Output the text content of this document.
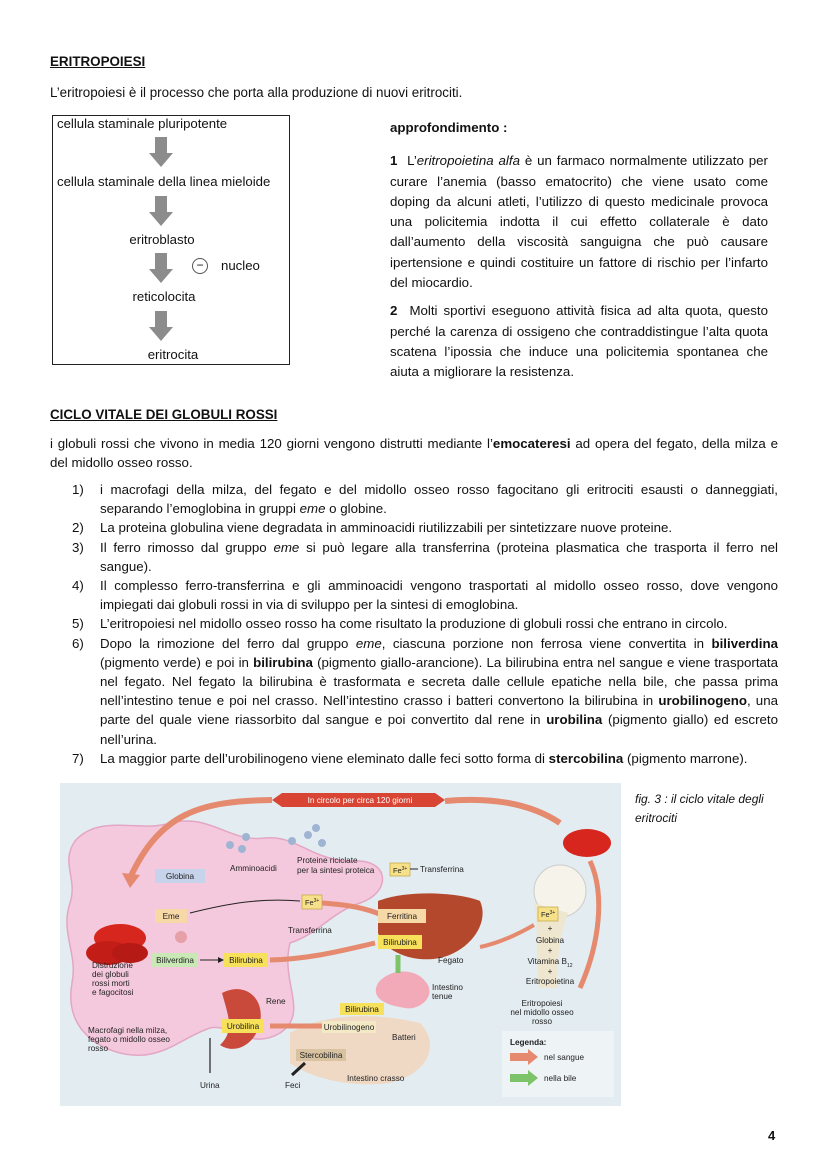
ERITROPOIESI
L’eritropoiesi è il processo che porta alla produzione di nuovi eritrociti.
cellula staminale pluripotente
cellula staminale della linea mieloide
eritroblasto
−	nucleo
reticolocita
eritrocita

approfondimento :

1 L’eritropoietina alfa è un farmaco normalmente utilizzato per curare l’anemia (basso ematocrito) che viene usato come doping da alcuni atleti, l’utilizzo di questo medicinale provoca una policitemia indotta il cui effetto collaterale è dato dall’aumento della viscosità sanguigna che può causare ipertensione e quindi costituire un fattore di rischio per l’infarto del miocardio.

2 Molti sportivi eseguono attività fisica ad alta quota, questo perché la carenza di ossigeno che contraddistingue l’alta quota scatena l’ipossia che induce una policitemia spontanea che aiuta a migliorare la resistenza.

CICLO VITALE DEI GLOBULI ROSSI
i globuli rossi che vivono in media 120 giorni vengono distrutti mediante l’emocateresi ad opera del fegato, della milza e del midollo osseo rosso.
1) i macrofagi della milza, del fegato e del midollo osseo rosso fagocitano gli eritrociti esausti o danneggiati, separando l’emoglobina in gruppi eme o globine.
2) La proteina globulina viene degradata in amminoacidi riutilizzabili per sintetizzare nuove proteine.
3) Il ferro rimosso dal gruppo eme si può legare alla transferrina (proteina plasmatica che trasporta il ferro nel sangue).
4) Il complesso ferro-transferrina e gli amminoacidi vengono trasportati al midollo osseo rosso, dove vengono impiegati dai globuli rossi in via di sviluppo per la sintesi di emoglobina.
5) L’eritropoiesi nel midollo osseo rosso ha come risultato la produzione di globuli rossi che entrano in circolo.
6) Dopo la rimozione del ferro dal gruppo eme, ciascuna porzione non ferrosa viene convertita in biliverdina (pigmento verde) e poi in bilirubina (pigmento giallo-arancione). La bilirubina entra nel sangue e viene trasportata nel fegato. Nel fegato la bilirubina è trasformata e secreta dalle cellule epatiche nella bile, che passa prima nell’intestino tenue e poi nel crasso. Nell’intestino crasso i batteri convertono la bilirubina in urobilinogeno, una parte del quale viene riassorbito dal sangue e poi convertito dal rene in urobilina (pigmento giallo) ed escreto nell’urina.
7) La maggior parte dell’urobilinogeno viene eleminato dalle feci sotto forma di stercobilina (pigmento marrone).
In circolo per circa 120 giorni
Globina
Amminoacidi
Proteine riciclate
per la sintesi proteica	$Fe^{3+}$ Transferrina
Eme
$Fe^{3+}$
Transferrina
Ferritina
Bilirubina
Fegato
Biliverdina	Bilirubina
Distruzione
dei globuli
rossi morti
e fagocitosi
Intestino
tenue
Bilirubina
Rene
Urobilina	Urobilinogeno
Batteri
Stercobilina
Intestino crasso
Urina	Feci
Macrofagi nella milza,
fegato o midollo osseo
rosso
$Fe^{3+}$
+
Globina
+
Vitamina $B_{12}$
+
Eritropoietina
Eritropoiesi
nel midollo osseo
rosso
Legenda:
nel sangue
nella bile
fig. 3 : il ciclo vitale degli eritrociti
4
